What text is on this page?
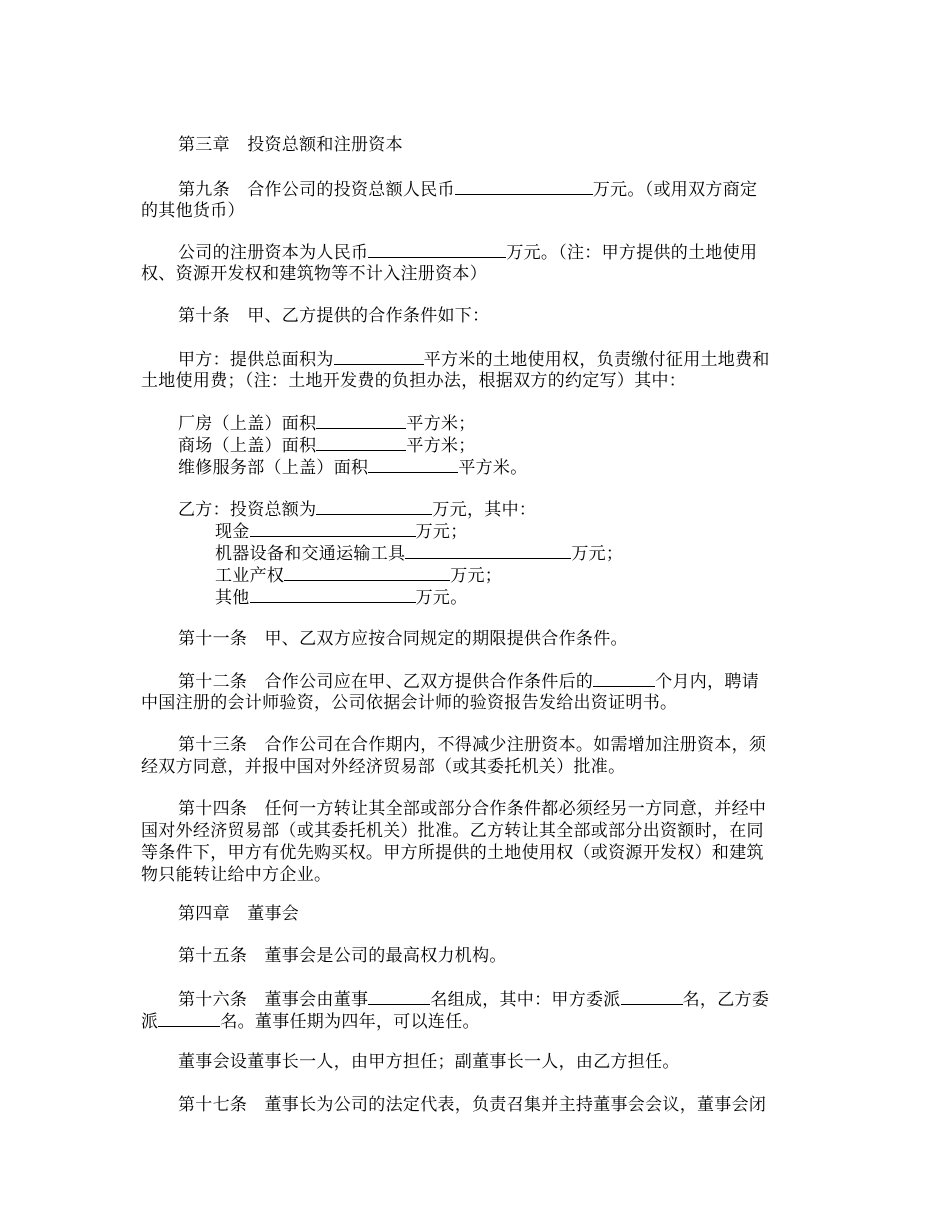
第三章　投资总额和注册资本
第九条　合作公司的投资总额人民币	万元。（或用双方商定
的其他货币）
公司的注册资本为人民币	万元。（注：甲方提供的土地使用
权、资源开发权和建筑物等不计入注册资本）
第十条　甲、乙方提供的合作条件如下：
甲方：提供总面积为	平方米的土地使用权，负责缴付征用土地费和
土地使用费；（注：土地开发费的负担办法，根据双方的约定写）其中：
厂房（上盖）面积	平方米；
商场（上盖）面积	平方米；
维修服务部（上盖）面积	平方米。
乙方：投资总额为	万元，其中：
现金	万元；
机器设备和交通运输工具	万元；
工业产权	万元；
其他	万元。
第十一条　甲、乙双方应按合同规定的期限提供合作条件。
第十二条　合作公司应在甲、乙双方提供合作条件后的	个月内，聘请
中国注册的会计师验资，公司依据会计师的验资报告发给出资证明书。
第十三条　合作公司在合作期内，不得减少注册资本。如需增加注册资本，须
经双方同意，并报中国对外经济贸易部（或其委托机关）批准。
第十四条　任何一方转让其全部或部分合作条件都必须经另一方同意，并经中
国对外经济贸易部（或其委托机关）批准。乙方转让其全部或部分出资额时，在同
等条件下，甲方有优先购买权。甲方所提供的土地使用权（或资源开发权）和建筑
物只能转让给中方企业。
第四章　董事会
第十五条　董事会是公司的最高权力机构。
第十六条　董事会由董事	名组成，其中：甲方委派	名，乙方委
派	名。董事任期为四年，可以连任。
董事会设董事长一人，由甲方担任；副董事长一人，由乙方担任。
第十七条　董事长为公司的法定代表，负责召集并主持董事会会议，董事会闭
